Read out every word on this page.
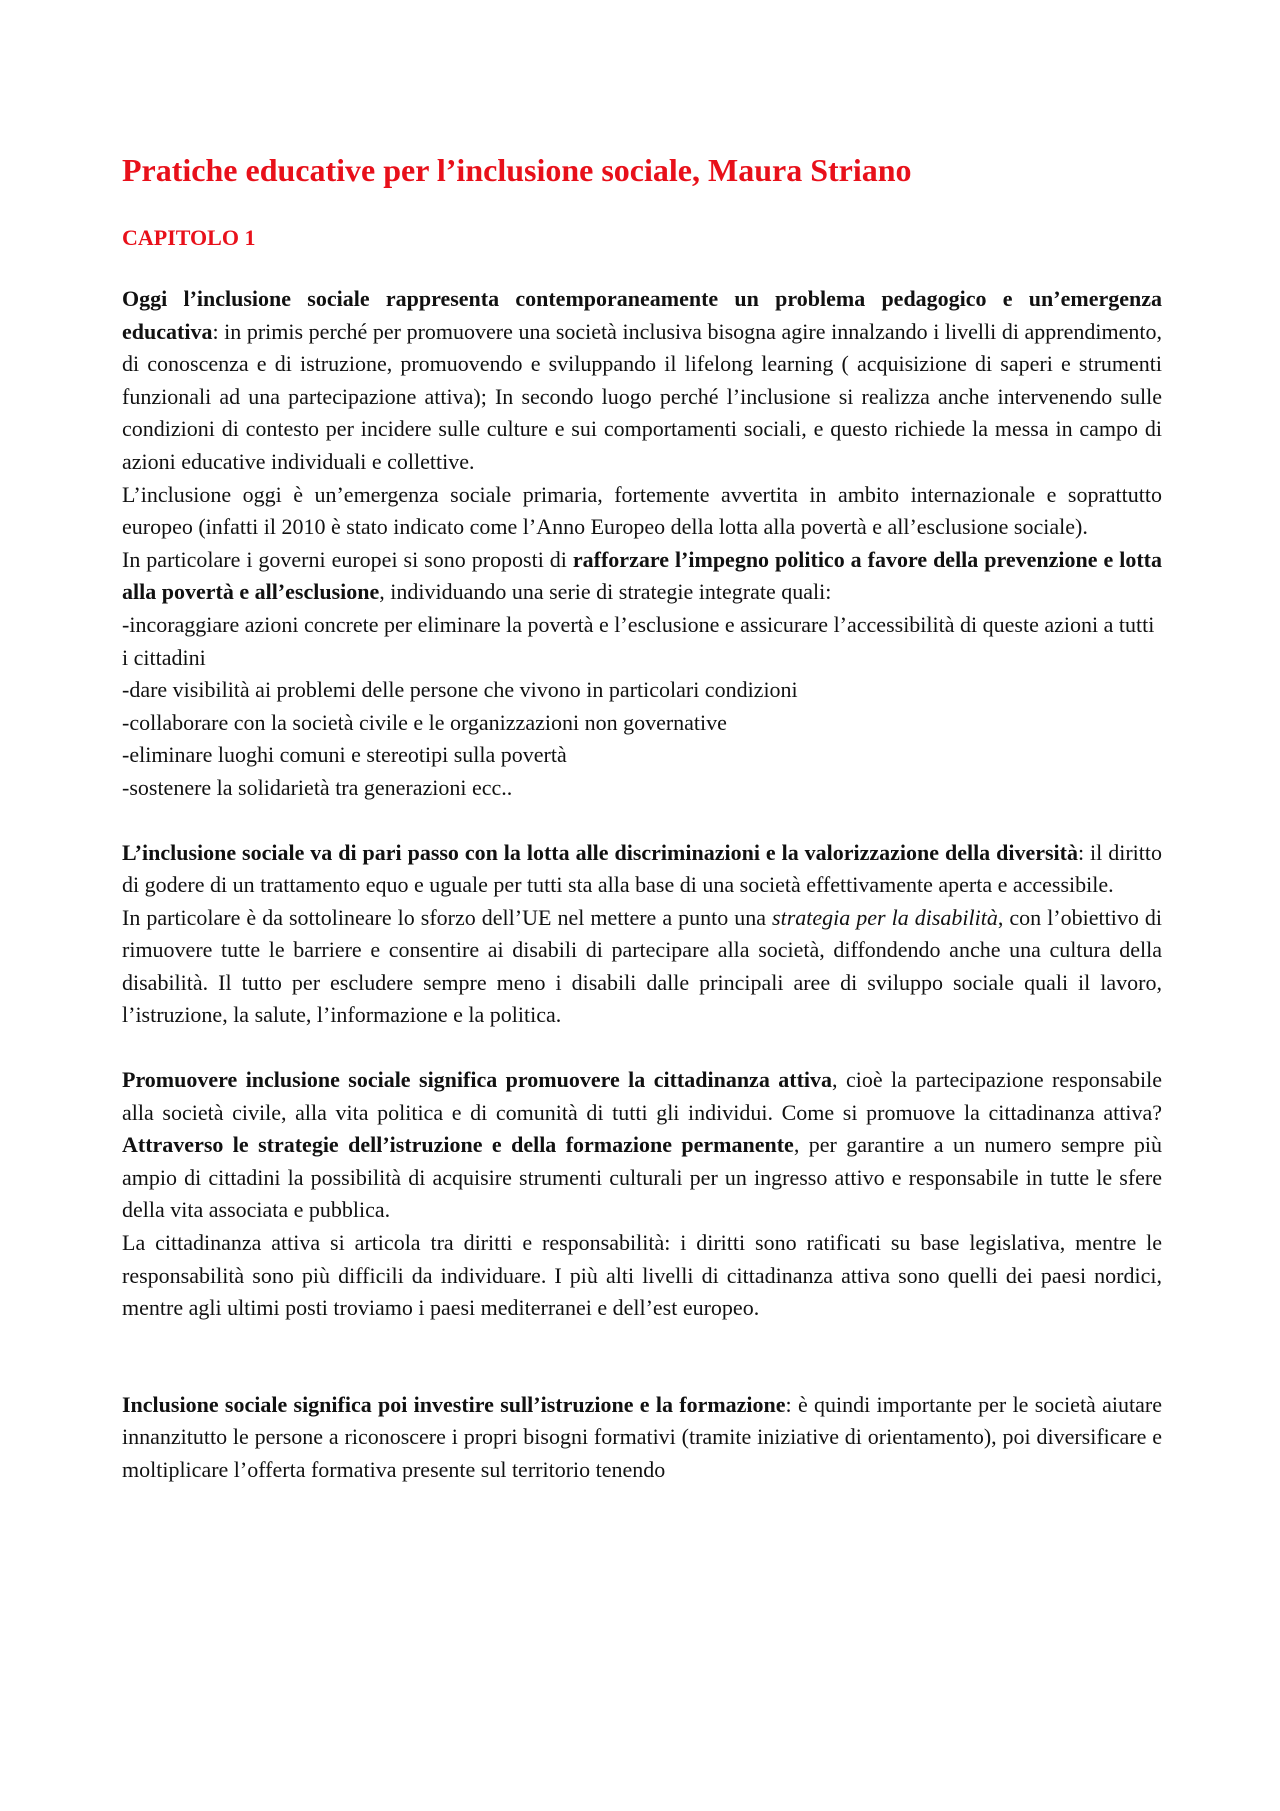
Pratiche educative per l’inclusione sociale, Maura Striano
CAPITOLO 1

Oggi l’inclusione sociale rappresenta contemporaneamente un problema pedagogico e un’emergenza educativa: in primis perché per promuovere una società inclusiva bisogna agire innalzando i livelli di apprendimento, di conoscenza e di istruzione, promuovendo e sviluppando il lifelong learning ( acquisizione di saperi e strumenti funzionali ad una partecipazione attiva); In secondo luogo perché l’inclusione si realizza anche intervenendo sulle condizioni di contesto per incidere sulle culture e sui comportamenti sociali, e questo richiede la messa in campo di azioni educative individuali e collettive.

L’inclusione oggi è un’emergenza sociale primaria, fortemente avvertita in ambito internazionale e soprattutto europeo (infatti il 2010 è stato indicato come l’Anno Europeo della lotta alla povertà e all’esclusione sociale).

In particolare i governi europei si sono proposti di rafforzare l’impegno politico a favore della prevenzione e lotta alla povertà e all’esclusione, individuando una serie di strategie integrate quali:

-incoraggiare azioni concrete per eliminare la povertà e l’esclusione e assicurare l’accessibilità di queste azioni a tutti i cittadini

-dare visibilità ai problemi delle persone che vivono in particolari condizioni

-collaborare con la società civile e le organizzazioni non governative

-eliminare luoghi comuni e stereotipi sulla povertà

-sostenere la solidarietà tra generazioni ecc..

L’inclusione sociale va di pari passo con la lotta alle discriminazioni e la valorizzazione della diversità: il diritto di godere di un trattamento equo e uguale per tutti sta alla base di una società effettivamente aperta e accessibile.

In particolare è da sottolineare lo sforzo dell’UE nel mettere a punto una strategia per la disabilità, con l’obiettivo di rimuovere tutte le barriere e consentire ai disabili di partecipare alla società, diffondendo anche una cultura della disabilità. Il tutto per escludere sempre meno i disabili dalle principali aree di sviluppo sociale quali il lavoro, l’istruzione, la salute, l’informazione e la politica.

Promuovere inclusione sociale significa promuovere la cittadinanza attiva, cioè la partecipazione responsabile alla società civile, alla vita politica e di comunità di tutti gli individui. Come si promuove la cittadinanza attiva? Attraverso le strategie dell’istruzione e della formazione permanente, per garantire a un numero sempre più ampio di cittadini la possibilità di acquisire strumenti culturali per un ingresso attivo e responsabile in tutte le sfere della vita associata e pubblica.

La cittadinanza attiva si articola tra diritti e responsabilità: i diritti sono ratificati su base legislativa, mentre le responsabilità sono più difficili da individuare. I più alti livelli di cittadinanza attiva sono quelli dei paesi nordici, mentre agli ultimi posti troviamo i paesi mediterranei e dell’est europeo.

Inclusione sociale significa poi investire sull’istruzione e la formazione: è quindi importante per le società aiutare innanzitutto le persone a riconoscere i propri bisogni formativi (tramite iniziative di orientamento), poi diversificare e moltiplicare l’offerta formativa presente sul territorio tenendo
